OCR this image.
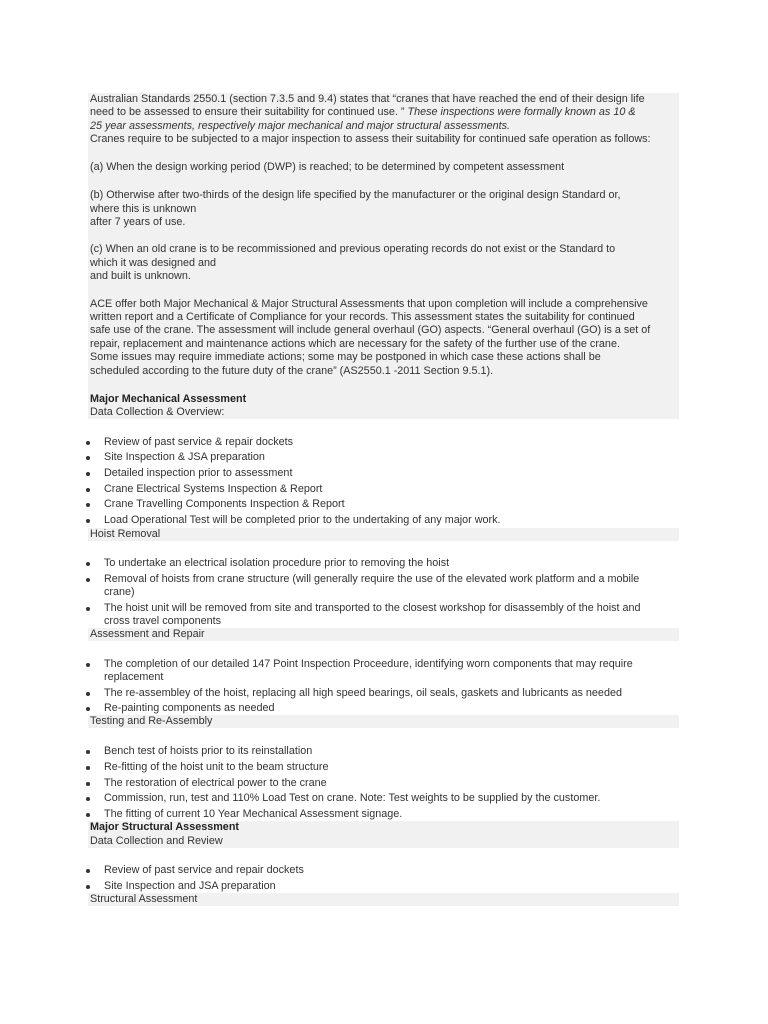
Australian Standards 2550.1 (section 7.3.5 and 9.4) states that “cranes that have reached the end of their design life
need to be assessed to ensure their suitability for continued use. ” These inspections were formally known as 10 &
25 year assessments, respectively major mechanical and major structural assessments.
Cranes require to be subjected to a major inspection to assess their suitability for continued safe operation as follows:
(a) When the design working period (DWP) is reached; to be determined by competent assessment
(b) Otherwise after two-thirds of the design life specified by the manufacturer or the original design Standard or,
where this is unknown
after 7 years of use.
(c) When an old crane is to be recommissioned and previous operating records do not exist or the Standard to
which it was designed and
and built is unknown.
ACE offer both Major Mechanical & Major Structural Assessments that upon completion will include a comprehensive
written report and a Certificate of Compliance for your records. This assessment states the suitability for continued
safe use of the crane. The assessment will include general overhaul (GO) aspects. “General overhaul (GO) is a set of
repair, replacement and maintenance actions which are necessary for the safety of the further use of the crane.
Some issues may require immediate actions; some may be postponed in which case these actions shall be
scheduled according to the future duty of the crane” (AS2550.1 -2011 Section 9.5.1).
Major Mechanical Assessment
Data Collection & Overview:
Review of past service & repair dockets
Site Inspection & JSA preparation
Detailed inspection prior to assessment
Crane Electrical Systems Inspection & Report
Crane Travelling Components Inspection & Report
Load Operational Test will be completed prior to the undertaking of any major work.
Hoist Removal
To undertake an electrical isolation procedure prior to removing the hoist
Removal of hoists from crane structure (will generally require the use of the elevated work platform and a mobile
crane)
The hoist unit will be removed from site and transported to the closest workshop for disassembly of the hoist and
cross travel components
Assessment and Repair
The completion of our detailed 147 Point Inspection Proceedure, identifying worn components that may require
replacement
The re-assembley of the hoist, replacing all high speed bearings, oil seals, gaskets and lubricants as needed
Re-painting components as needed
Testing and Re-Assembly
Bench test of hoists prior to its reinstallation
Re-fitting of the hoist unit to the beam structure
The restoration of electrical power to the crane
Commission, run, test and 110% Load Test on crane. Note: Test weights to be supplied by the customer.
The fitting of current 10 Year Mechanical Assessment signage.
Major Structural Assessment
Data Collection and Review
Review of past service and repair dockets
Site Inspection and JSA preparation
Structural Assessment
